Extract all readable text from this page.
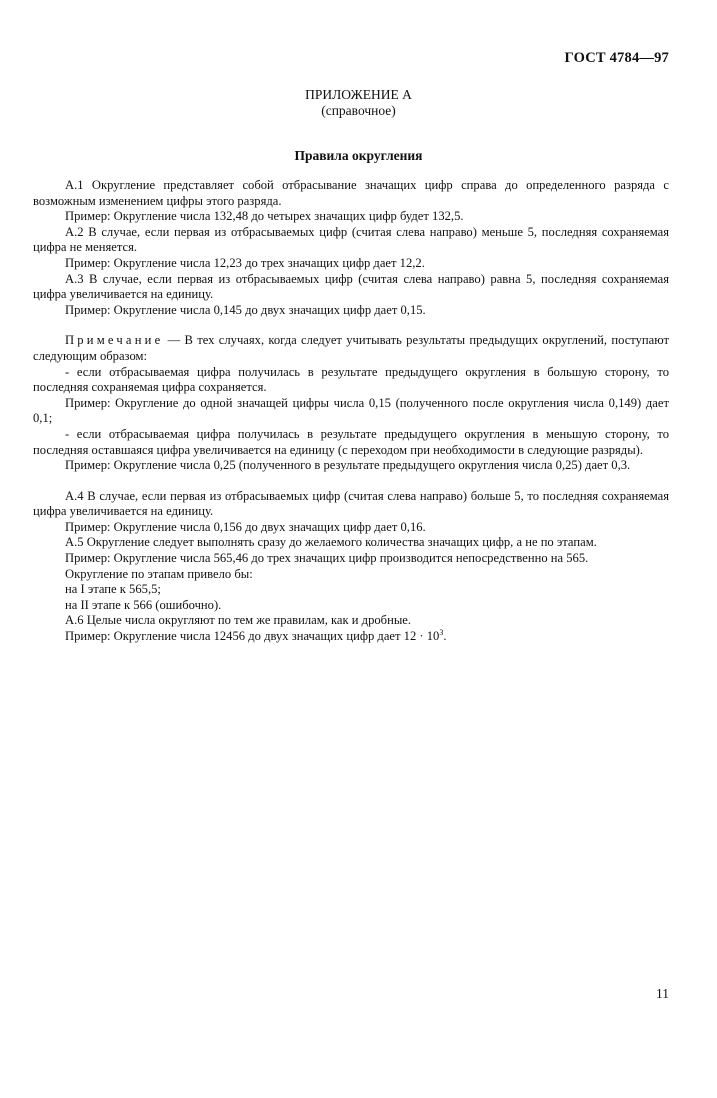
ГОСТ 4784—97
ПРИЛОЖЕНИЕ А
(справочное)
Правила округления

А.1 Округление представляет собой отбрасывание значащих цифр справа до определенного разряда с возможным изменением цифры этого разряда.

Пример: Округление числа 132,48 до четырех значащих цифр будет 132,5.

А.2 В случае, если первая из отбрасываемых цифр (считая слева направо) меньше 5, последняя сохраняемая цифра не меняется.

Пример: Округление числа 12,23 до трех значащих цифр дает 12,2.

А.3 В случае, если первая из отбрасываемых цифр (считая слева направо) равна 5, последняя сохраняемая цифра увеличивается на единицу.

Пример: Округление числа 0,145 до двух значащих цифр дает 0,15.

Примечание — В тех случаях, когда следует учитывать результаты предыдущих округлений, поступают следующим образом:

- если отбрасываемая цифра получилась в результате предыдущего округления в большую сторону, то последняя сохраняемая цифра сохраняется.

Пример: Округление до одной значащей цифры числа 0,15 (полученного после округления числа 0,149) дает 0,1;

- если отбрасываемая цифра получилась в результате предыдущего округления в меньшую сторону, то последняя оставшаяся цифра увеличивается на единицу (с переходом при необходимости в следующие разряды).

Пример: Округление числа 0,25 (полученного в результате предыдущего округления числа 0,25) дает 0,3.

А.4 В случае, если первая из отбрасываемых цифр (считая слева направо) больше 5, то последняя сохраняемая цифра увеличивается на единицу.

Пример: Округление числа 0,156 до двух значащих цифр дает 0,16.

А.5 Округление следует выполнять сразу до желаемого количества значащих цифр, а не по этапам.

Пример: Округление числа 565,46 до трех значащих цифр производится непосредственно на 565.

Округление по этапам привело бы:

на I этапе к 565,5;

на II этапе к 566 (ошибочно).

А.6 Целые числа округляют по тем же правилам, как и дробные.

Пример: Округление числа 12456 до двух значащих цифр дает $12 \cdot 10^3$.

11
